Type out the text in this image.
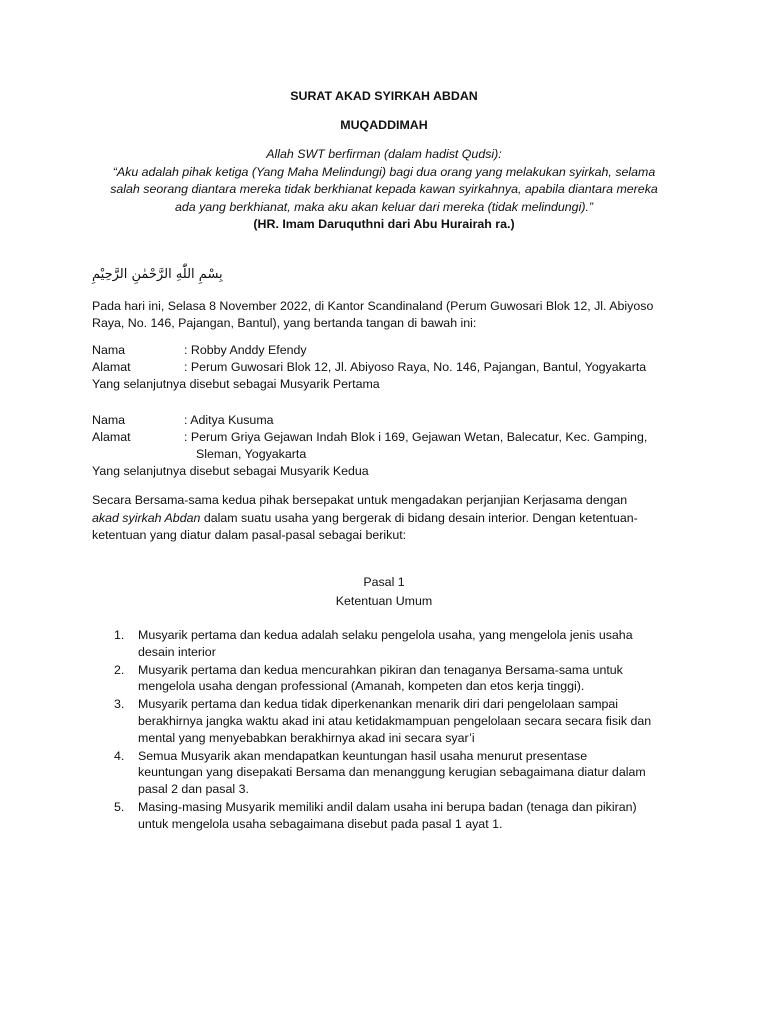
SURAT AKAD SYIRKAH ABDAN
MUQADDIMAH
Allah SWT berfirman (dalam hadist Qudsi):
“Aku adalah pihak ketiga (Yang Maha Melindungi) bagi dua orang yang melakukan syirkah, selama
salah seorang diantara mereka tidak berkhianat kepada kawan syirkahnya, apabila diantara mereka
ada yang berkhianat, maka aku akan keluar dari mereka (tidak melindungi).”
(HR. Imam Daruquthni dari Abu Hurairah ra.)
بِسْمِ اللّٰهِ الرَّحْمٰنِ الرَّحِيْمِ
Pada hari ini, Selasa 8 November 2022, di Kantor Scandinaland (Perum Guwosari Blok 12, Jl. Abiyoso
Raya, No. 146, Pajangan, Bantul), yang bertanda tangan di bawah ini:
Nama	: Robby Anddy Efendy
Alamat	: Perum Guwosari Blok 12, Jl. Abiyoso Raya, No. 146, Pajangan, Bantul, Yogyakarta
Yang selanjutnya disebut sebagai Musyarik Pertama
Nama	: Aditya Kusuma
Alamat	: Perum Griya Gejawan Indah Blok i 169, Gejawan Wetan, Balecatur, Kec. Gamping,
Sleman, Yogyakarta
Yang selanjutnya disebut sebagai Musyarik Kedua
Secara Bersama-sama kedua pihak bersepakat untuk mengadakan perjanjian Kerjasama dengan
akad syirkah Abdan dalam suatu usaha yang bergerak di bidang desain interior. Dengan ketentuan-
ketentuan yang diatur dalam pasal-pasal sebagai berikut:
Pasal 1
Ketentuan Umum
1.	Musyarik pertama dan kedua adalah selaku pengelola usaha, yang mengelola jenis usaha
desain interior
2.	Musyarik pertama dan kedua mencurahkan pikiran dan tenaganya Bersama-sama untuk
mengelola usaha dengan professional (Amanah, kompeten dan etos kerja tinggi).
3.	Musyarik pertama dan kedua tidak diperkenankan menarik diri dari pengelolaan sampai
berakhirnya jangka waktu akad ini atau ketidakmampuan pengelolaan secara secara fisik dan
mental yang menyebabkan berakhirnya akad ini secara syar’i
4.	Semua Musyarik akan mendapatkan keuntungan hasil usaha menurut presentase
keuntungan yang disepakati Bersama dan menanggung kerugian sebagaimana diatur dalam
pasal 2 dan pasal 3.
5.	Masing-masing Musyarik memiliki andil dalam usaha ini berupa badan (tenaga dan pikiran)
untuk mengelola usaha sebagaimana disebut pada pasal 1 ayat 1.
